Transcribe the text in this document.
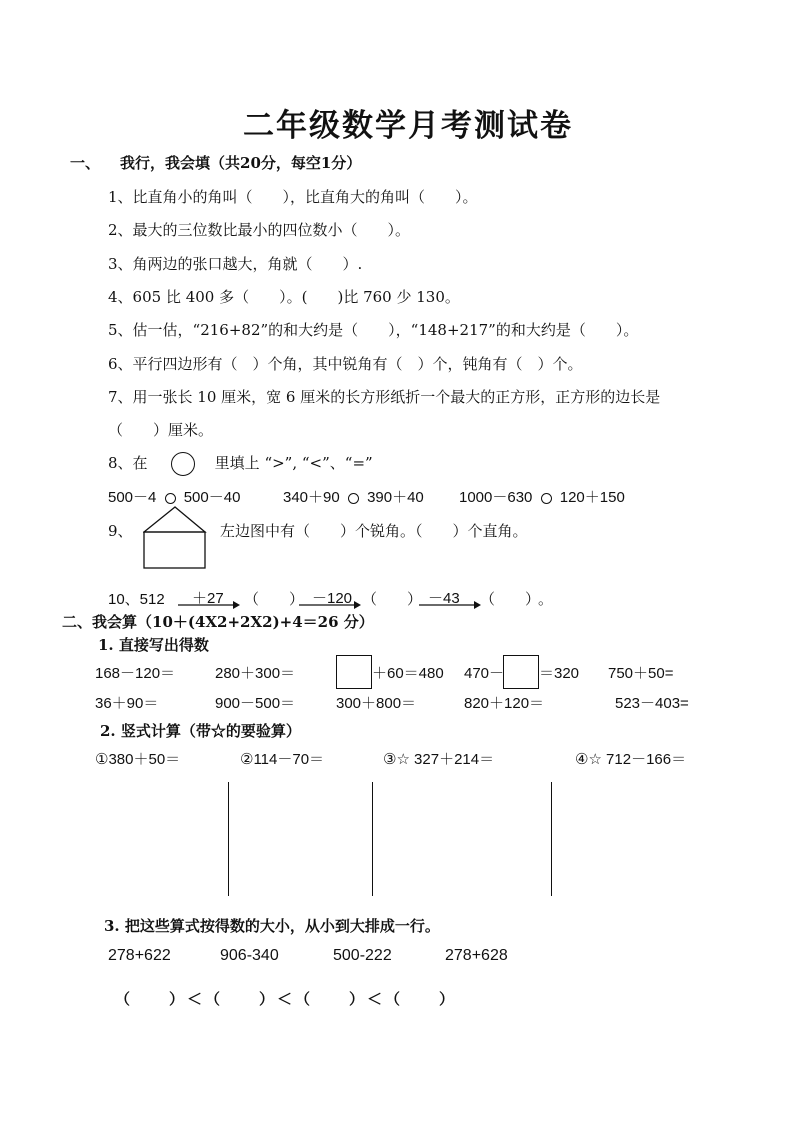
二年级数学月考测试卷
一、 我行，我会填（共20分，每空1分）
1、比直角小的角叫（　　），比直角大的角叫（　　）。
2、最大的三位数比最小的四位数小（　　）。
3、角两边的张口越大，角就（　　）.
4、605 比 400 多（　　）。(　　)比 760 少 130。
5、估一估，“216+82”的和大约是（　　），“148+217”的和大约是（　　）。
6、平行四边形有（　）个角，其中锐角有（　）个，钝角有（　）个。
7、用一张长 10 厘米，宽 6 厘米的长方形纸折一个最大的正方形，正方形的边长是
（　　）厘米。
8、在	里填上 “>”, “<”、“=”
500－4 500－40	340＋90 390＋40 1000－630 120＋150
9、	左边图中有（　　）个锐角。（　　）个直角。
10、512 ＋27 （　　） －120 （　　） －43 （　　）
。
二、我会算（10＋(4X2+2X2)+4＝26 分）
1. 直接写出得数
168－120＝	280＋300＝	＋60＝480 470－ ＝320 750＋50=
36＋90＝	900－500＝	300＋800＝	820＋120＝	523－403=
2. 竖式计算（带☆的要验算）
①380＋50＝	②114－70＝	③☆ 327＋214＝	④☆ 712－166＝
3. 把这些算式按得数的大小，从小到大排成一行。
278+622	906-340	500-222	278+628
（　　）＜（　　）＜（　　）＜（　　）
